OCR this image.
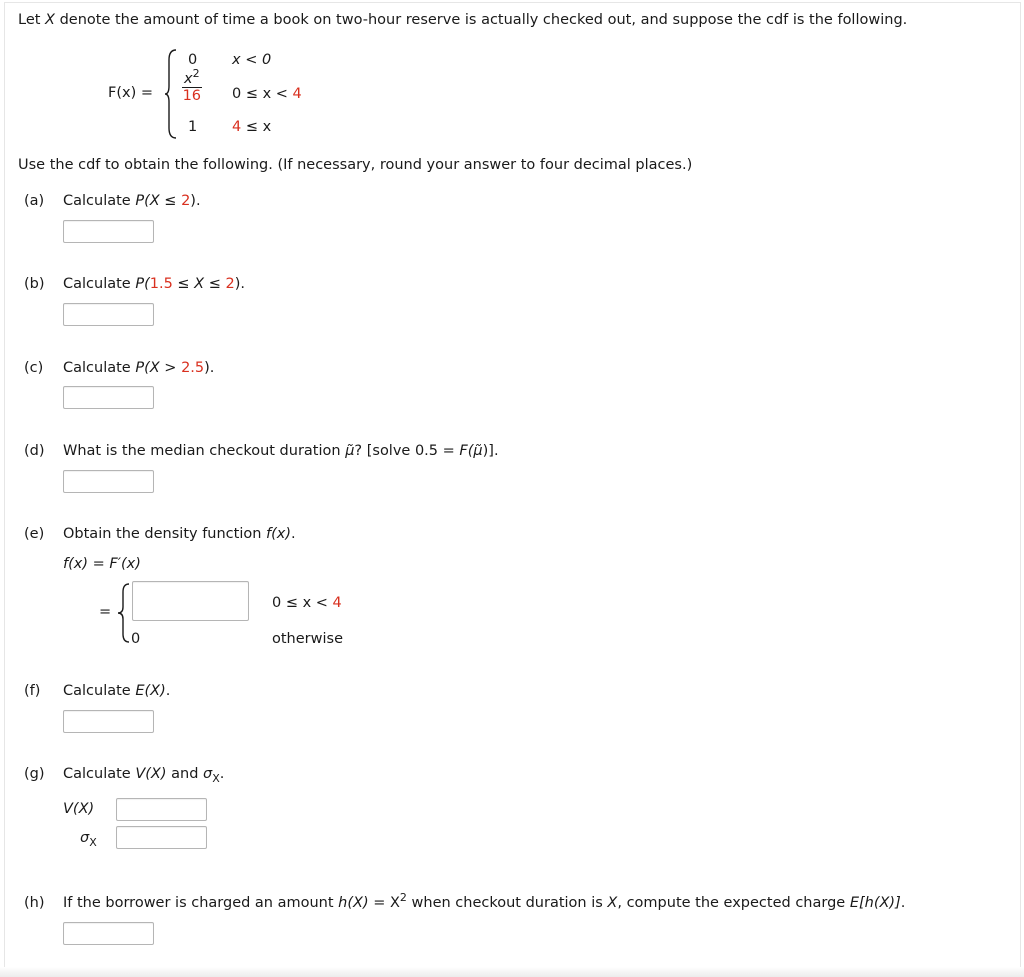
Let X denote the amount of time a book on two-hour reserve is actually checked out, and suppose the cdf is the following.
F(x) =
0 x < 0
$\frac{x^2}{16} 0 \le x < 4$
1 4 ≤ x
Use the cdf to obtain the following. (If necessary, round your answer to four decimal places.)
(a) Calculate P(X ≤ 2).
(b) Calculate P(1.5 ≤ X ≤ 2).
(c) Calculate P(X > 2.5).
(d) What is the median checkout duration μ̃? [solve 0.5 = F(μ̃)].
(e) Obtain the density function f(x).
f(x) = F′(x)
=
0
0 ≤ x < 4
otherwise
(f) Calculate E(X).
(g) Calculate V(X) and $\sigma_X$.
V(X)
$\sigma_X$
(h) If the borrower is charged an amount $h(X) = X^2$ when checkout duration is X, compute the expected charge E[h(X)].
